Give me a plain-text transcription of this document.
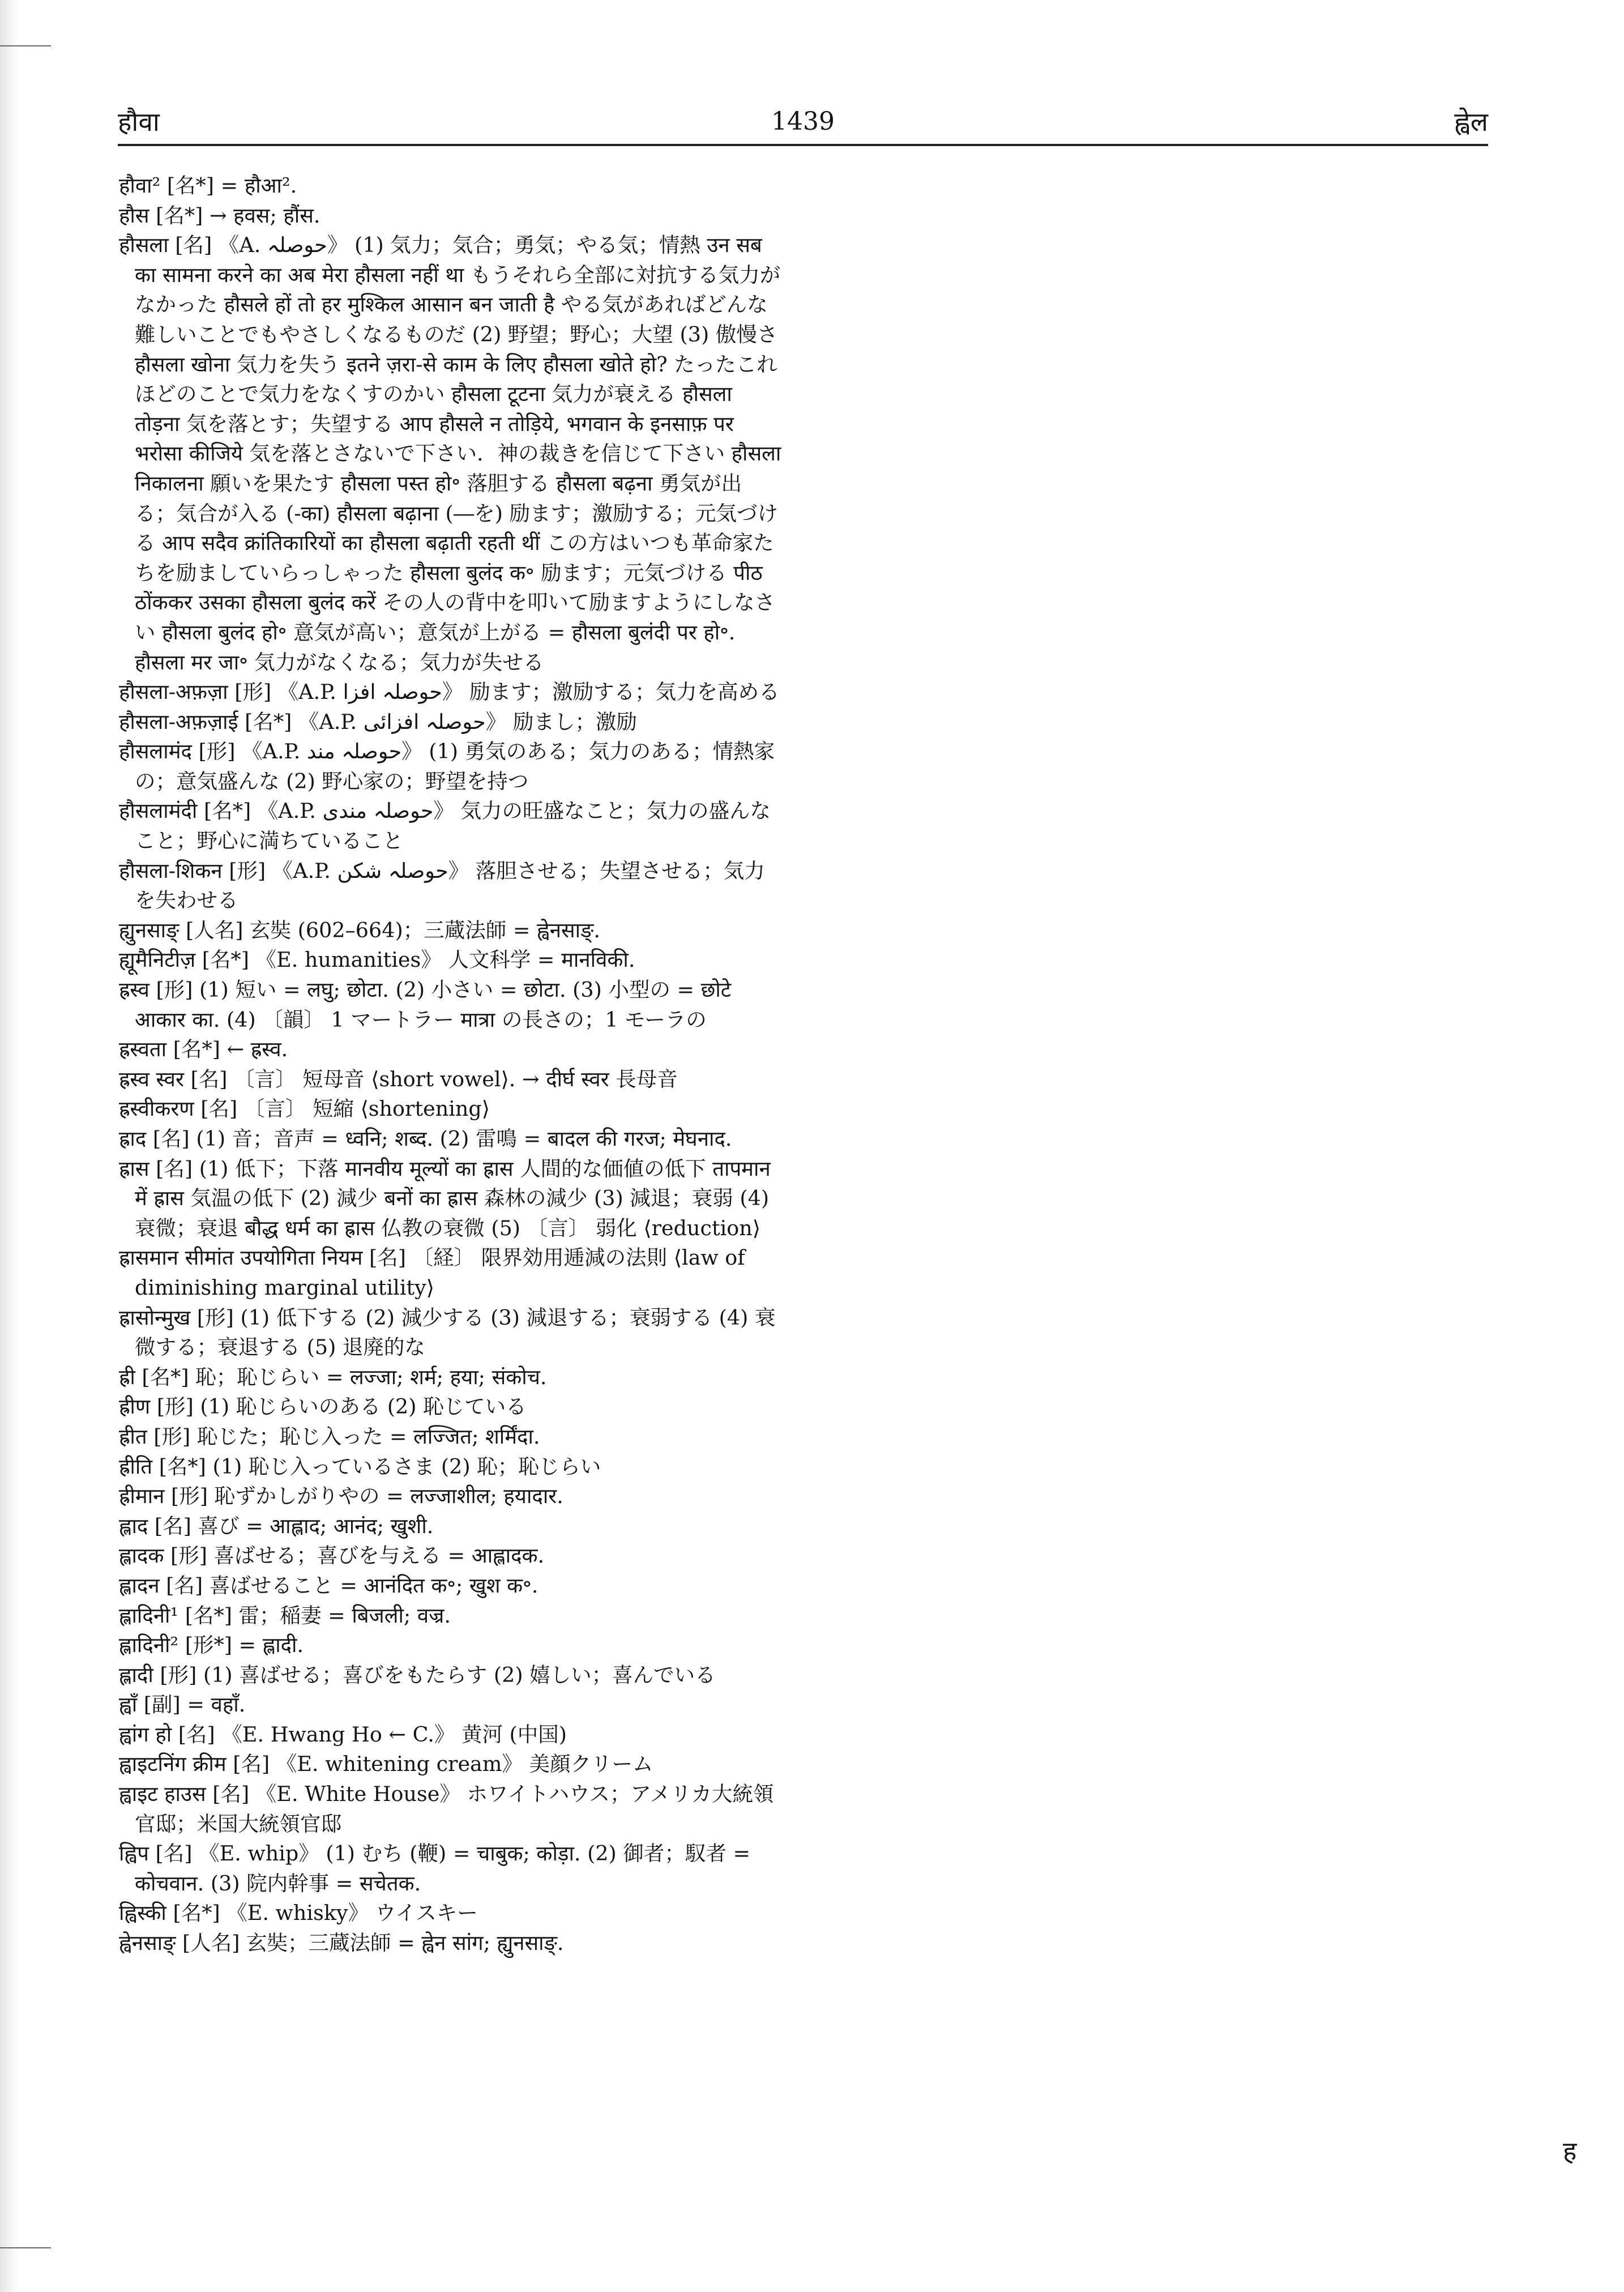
1439
हौवा	ह्वेल

हौवा² [名*] = हौआ².

हौस [名*] → हवस; हौंस.

हौसला [名] 《A. حوصلہ》 (1) 気力；気合；勇気；やる気；情熱 उन सब का सामना करने का अब मेरा हौसला नहीं था もうそれら全部に対抗する気力がなかった हौसले हों तो हर मुश्किल आसान बन जाती है やる気があればどんな難しいことでもやさしくなるものだ (2) 野望；野心；大望 (3) 傲慢さ हौसला खोना 気力を失う इतने ज़रा-से काम के लिए हौसला खोते हो? たったこれほどのことで気力をなくすのかい हौसला टूटना 気力が衰える हौसला तोड़ना 気を落とす；失望する आप हौसले न तोड़िये, भगवान के इनसाफ़ पर भरोसा कीजिये 気を落とさないで下さい．神の裁きを信じて下さい हौसला निकालना 願いを果たす हौसला पस्त हो॰ 落胆する हौसला बढ़ना 勇気が出る；気合が入る (-का) हौसला बढ़ाना (―を) 励ます；激励する；元気づける आप सदैव क्रांतिकारियों का हौसला बढ़ाती रहती थीं この方はいつも革命家たちを励ましていらっしゃった हौसला बुलंद क॰ 励ます；元気づける पीठ ठोंककर उसका हौसला बुलंद करें その人の背中を叩いて励ますようにしなさい हौसला बुलंद हो॰ 意気が高い；意気が上がる = हौसला बुलंदी पर हो॰. हौसला मर जा॰ 気力がなくなる；気力が失せる

हौसला-अफ़ज़ा [形] 《A.P. حوصلہ افزا》 励ます；激励する；気力を高める

हौसला-अफ़ज़ाई [名*] 《A.P. حوصلہ افزائی》 励まし；激励

हौसलामंद [形] 《A.P. حوصلہ مند》 (1) 勇気のある；気力のある；情熱家の；意気盛んな (2) 野心家の；野望を持つ

हौसलामंदी [名*] 《A.P. حوصلہ مندی》 気力の旺盛なこと；気力の盛んなこと；野心に満ちていること

हौसला-शिकन [形] 《A.P. حوصلہ شکن》 落胆させる；失望させる；気力を失わせる

ह्युनसाङ् [人名] 玄奘 (602–664)；三蔵法師 = ह्वेनसाङ्.

ह्यूमैनिटीज़ [名*] 《E. humanities》 人文科学 = मानविकी.

ह्रस्व [形] (1) 短い = लघु; छोटा. (2) 小さい = छोटा. (3) 小型の = छोटे आकार का. (4) 〔韻〕 1 マートラー मात्रा の長さの；1 モーラの

ह्रस्वता [名*] ← ह्रस्व.

ह्रस्व स्वर [名] 〔言〕 短母音 ⟨short vowel⟩. → दीर्घ स्वर 長母音

ह्रस्वीकरण [名] 〔言〕 短縮 ⟨shortening⟩

ह्राद [名] (1) 音；音声 = ध्वनि; शब्द. (2) 雷鳴 = बादल की गरज; मेघनाद.

ह्रास [名] (1) 低下；下落 मानवीय मूल्यों का ह्रास 人間的な価値の低下 तापमान में ह्रास 気温の低下 (2) 減少 बनों का ह्रास 森林の減少 (3) 減退；衰弱 (4) 衰微；衰退 बौद्ध धर्म का ह्रास 仏教の衰微 (5) 〔言〕 弱化 ⟨reduction⟩

ह्रासमान सीमांत उपयोगिता नियम [名] 〔経〕 限界効用逓減の法則 ⟨law of diminishing marginal utility⟩

ह्रासोन्मुख [形] (1) 低下する (2) 減少する (3) 減退する；衰弱する (4) 衰微する；衰退する (5) 退廃的な

ह्री [名*] 恥；恥じらい = लज्जा; शर्म; हया; संकोच.

ह्रीण [形] (1) 恥じらいのある (2) 恥じている

ह्रीत [形] 恥じた；恥じ入った = लज्जित; शर्मिंदा.

ह्रीति [名*] (1) 恥じ入っているさま (2) 恥；恥じらい

ह्रीमान [形] 恥ずかしがりやの = लज्जाशील; हयादार.

ह्लाद [名] 喜び = आह्लाद; आनंद; खुशी.

ह्लादक [形] 喜ばせる；喜びを与える = आह्लादक.

ह्लादन [名] 喜ばせること = आनंदित क॰; खुश क॰.

ह्लादिनी¹ [名*] 雷；稲妻 = बिजली; वज्र.

ह्लादिनी² [形*] = ह्लादी.

ह्लादी [形] (1) 喜ばせる；喜びをもたらす (2) 嬉しい；喜んでいる

ह्वाँ [副] = वहाँ.

ह्वांग हो [名] 《E. Hwang Ho ← C.》 黄河 (中国)

ह्वाइटनिंग क्रीम [名] 《E. whitening cream》 美顔クリーム

ह्वाइट हाउस [名] 《E. White House》 ホワイトハウス；アメリカ大統領官邸；米国大統領官邸

ह्विप [名] 《E. whip》 (1) むち (鞭) = चाबुक; कोड़ा. (2) 御者；馭者 = कोचवान. (3) 院内幹事 = सचेतक.

ह्विस्की [名*] 《E. whisky》 ウイスキー

ह्वेनसाङ् [人名] 玄奘；三蔵法師 = ह्वेन सांग; ह्युनसाङ्.

ह
